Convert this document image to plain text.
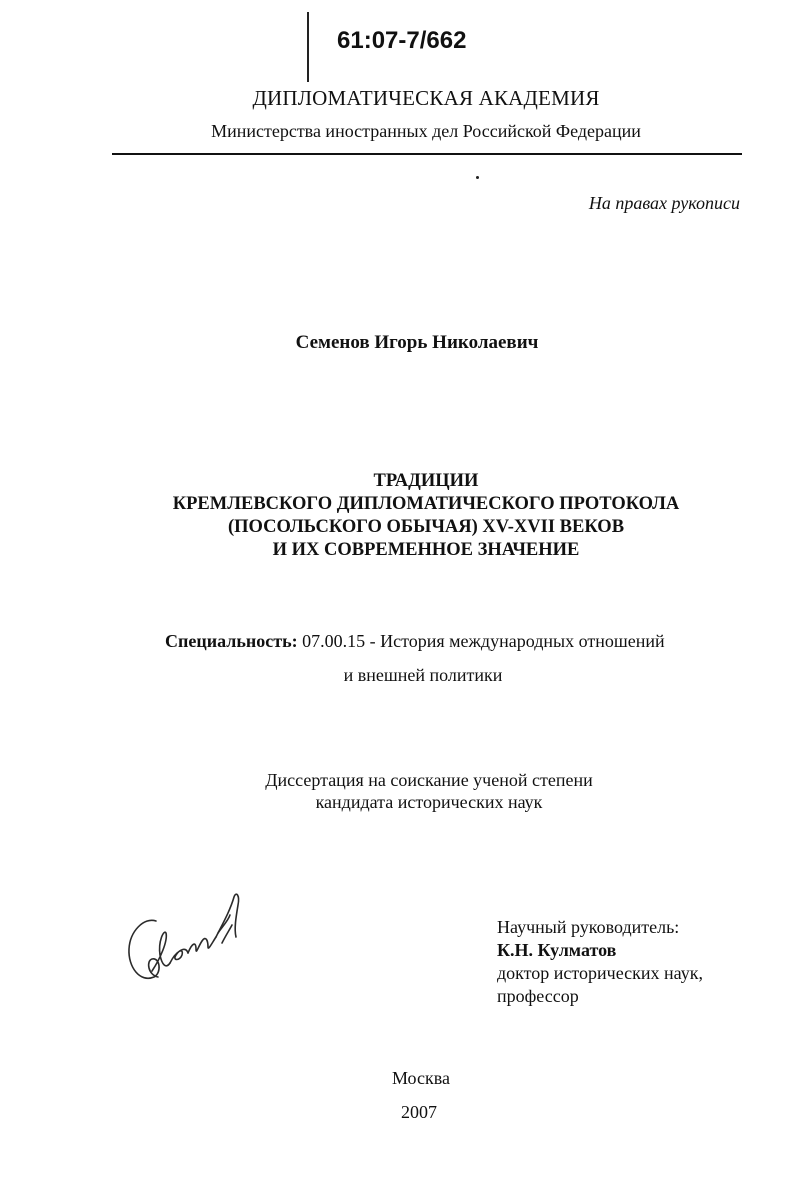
61:07-7/662
ДИПЛОМАТИЧЕСКАЯ АКАДЕМИЯ
Министерства иностранных дел Российской Федерации
На правах рукописи
Семенов Игорь Николаевич
ТРАДИЦИИ
КРЕМЛЕВСКОГО ДИПЛОМАТИЧЕСКОГО ПРОТОКОЛА
(ПОСОЛЬСКОГО ОБЫЧАЯ) XV-XVII ВЕКОВ
И ИХ СОВРЕМЕННОЕ ЗНАЧЕНИЕ
Специальность: 07.00.15 - История международных отношений
и внешней политики
Диссертация на соискание ученой степени
кандидата исторических наук
Научный руководитель:
К.Н. Кулматов
доктор исторических наук,
профессор
Москва
2007
